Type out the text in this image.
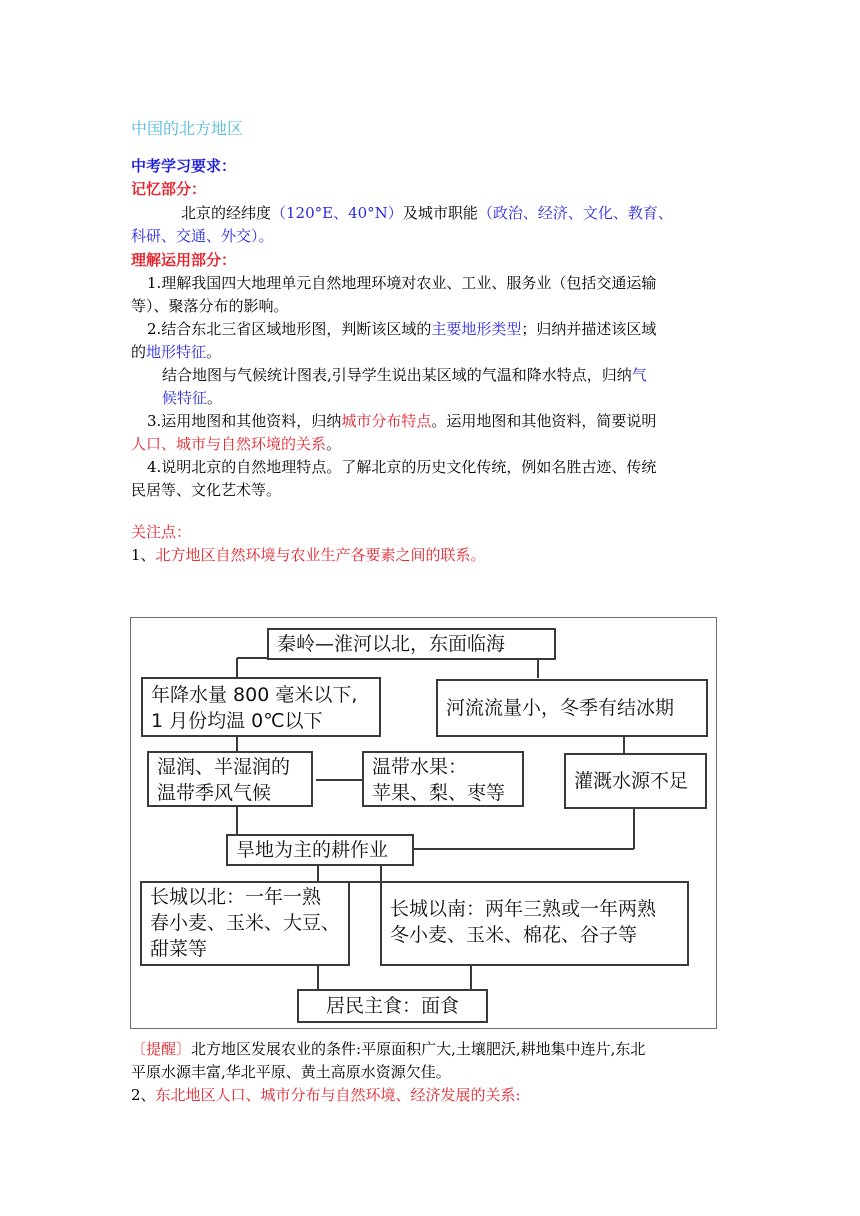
中国的北方地区
中考学习要求：
记忆部分：
北京的经纬度（120°E、40°N）及城市职能（政治、经济、文化、教育、
科研、交通、外交）。
理解运用部分：
1.理解我国四大地理单元自然地理环境对农业、工业、服务业（包括交通运输
等）、聚落分布的影响。
2.结合东北三省区域地形图，判断该区域的主要地形类型；归纳并描述该区域
的地形特征。
结合地图与气候统计图表,引导学生说出某区域的气温和降水特点，归纳气
候特征。
3.运用地图和其他资料，归纳城市分布特点。运用地图和其他资料，简要说明
人口、城市与自然环境的关系。
4.说明北京的自然地理特点。了解北京的历史文化传统，例如名胜古迹、传统
民居等、文化艺术等。
关注点：
1、北方地区自然环境与农业生产各要素之间的联系。
秦岭—淮河以北，东面临海
年降水量 800 毫米以下,
1 月份均温 0℃以下
河流流量小，冬季有结冰期
湿润、半湿润的
温带季风气候
温带水果：
苹果、梨、枣等
灌溉水源不足
旱地为主的耕作业
长城以北：一年一熟
春小麦、玉米、大豆、
甜菜等
长城以南：两年三熟或一年两熟
冬小麦、玉米、棉花、谷子等
居民主食：面食
〔提醒〕北方地区发展农业的条件:平原面积广大,土壤肥沃,耕地集中连片,东北
平原水源丰富,华北平原、黄土高原水资源欠佳。
2、东北地区人口、城市分布与自然环境、经济发展的关系:
